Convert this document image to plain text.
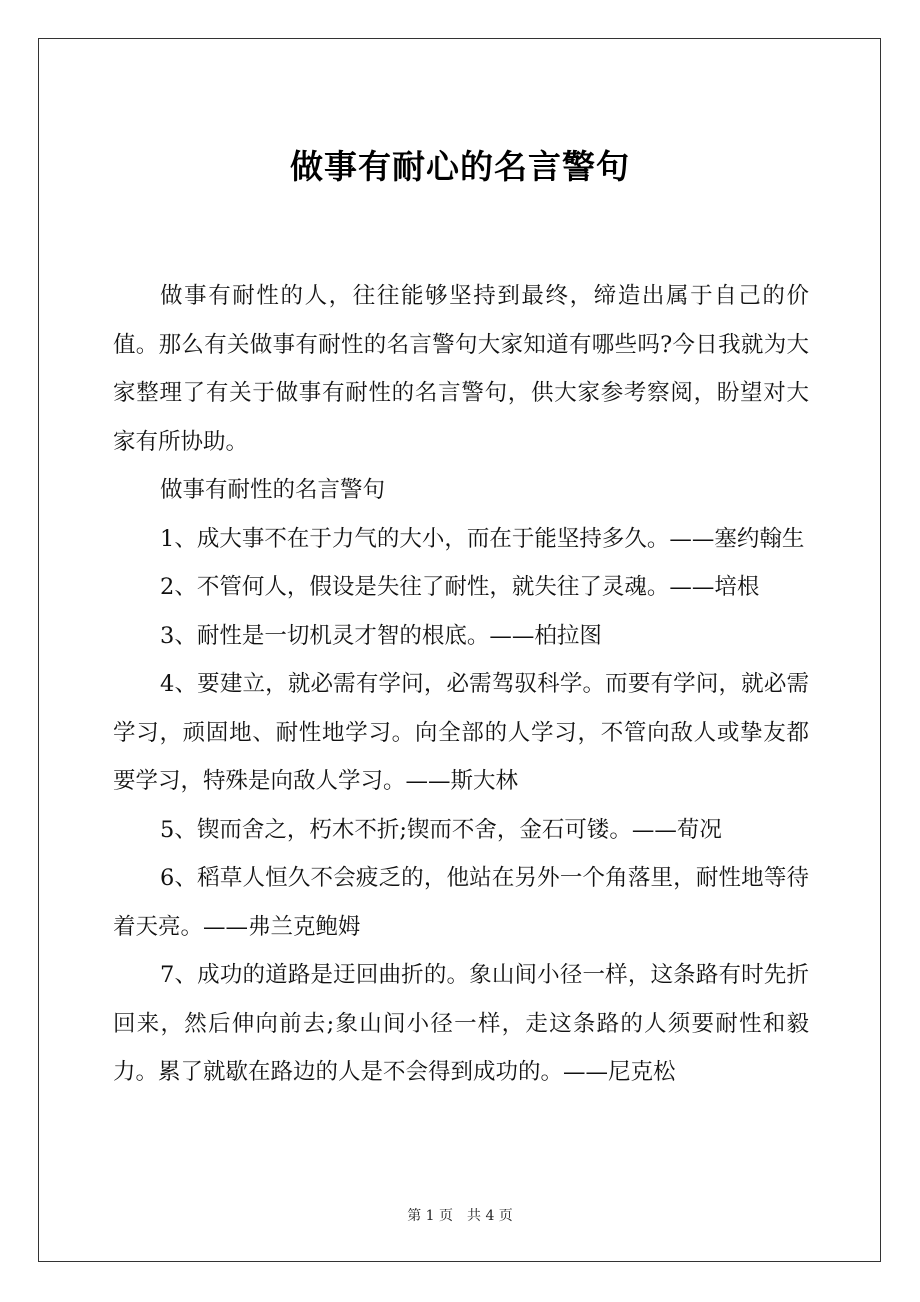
做事有耐心的名言警句

做事有耐性的人，往往能够坚持到最终，缔造出属于自己的价值。那么有关做事有耐性的名言警句大家知道有哪些吗?今日我就为大家整理了有关于做事有耐性的名言警句，供大家参考察阅，盼望对大家有所协助。

做事有耐性的名言警句

1、成大事不在于力气的大小，而在于能坚持多久。——塞约翰生

2、不管何人，假设是失往了耐性，就失往了灵魂。——培根

3、耐性是一切机灵才智的根底。——柏拉图

4、要建立，就必需有学问，必需驾驭科学。而要有学问，就必需学习，顽固地、耐性地学习。向全部的人学习，不管向敌人或挚友都要学习，特殊是向敌人学习。——斯大林

5、锲而舍之，朽木不折;锲而不舍，金石可镂。——荀况

6、稻草人恒久不会疲乏的，他站在另外一个角落里，耐性地等待着天亮。——弗兰克鲍姆

7、成功的道路是迂回曲折的。象山间小径一样，这条路有时先折回来，然后伸向前去;象山间小径一样，走这条路的人须要耐性和毅力。累了就歇在路边的人是不会得到成功的。——尼克松

第 1 页 共 4 页
